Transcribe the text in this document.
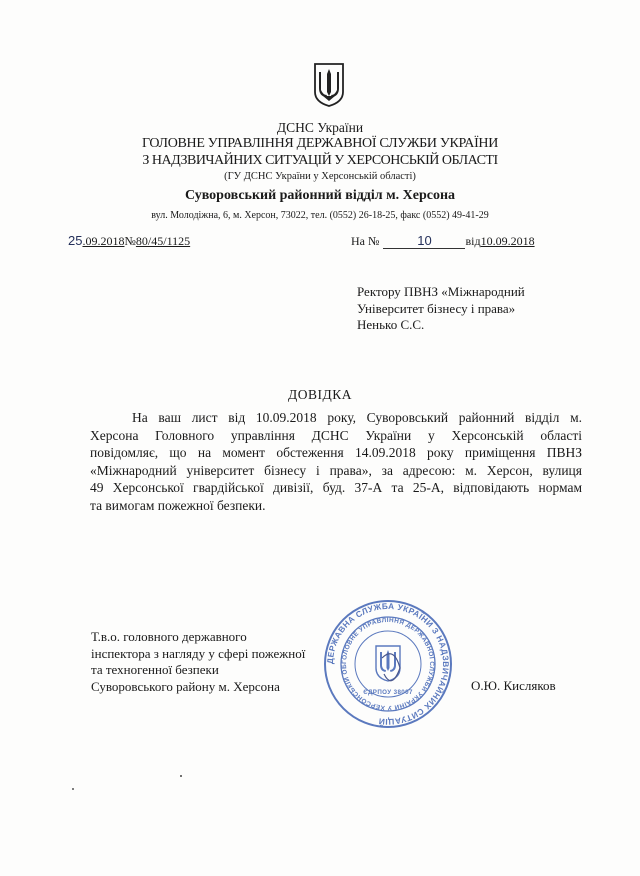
ДСНС України
ГОЛОВНЕ УПРАВЛІННЯ ДЕРЖАВНОЇ СЛУЖБИ УКРАЇНИ
З НАДЗВИЧАЙНИХ СИТУАЦІЙ У ХЕРСОНСЬКІЙ ОБЛАСТІ
(ГУ ДСНС України у Херсонській області)
Суворовський районний відділ м. Херсона
вул. Молодіжна, 6, м. Херсон, 73022, тел. (0552) 26-18-25, факс (0552) 49-41-29
25.09.2018№80/45/1125	На №	10	від10.09.2018
Ректору ПВНЗ «Міжнародний
Університет бізнесу і права»
Нeнько С.С.
ДОВІДКА
На ваш лист від 10.09.2018 року, Суворовський районний відділ м.
Херсона Головного управління ДСНС України у Херсонській області
повідомляє, що на момент обстеження 14.09.2018 року приміщення ПВНЗ
«Міжнародний університет бізнесу і права», за адресою: м. Херсон, вулиця
49 Херсонської гвардійської дивізії, буд. 37-А та 25-А, відповідають нормам
та вимогам пожежної безпеки.
ДЕРЖАВНА СЛУЖБА УКРАЇНИ З НАДЗВИЧАЙНИХ СИТУАЦІЙ
ГОЛОВНЕ УПРАВЛІННЯ ДЕРЖАВНОЇ СЛУЖБИ УКРАЇНИ У ХЕРСОНСЬКІЙ ОБ
ЄДРПОУ 38007
Т.в.о. головного державного
інспектора з нагляду у сфері пожежної
та техногенної безпеки
Суворовського району м. Херсона	О.Ю. Кисляков
